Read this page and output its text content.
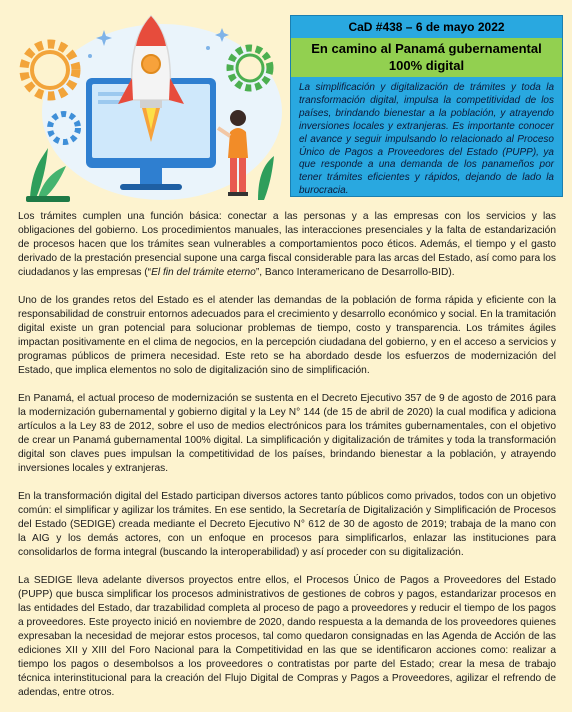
CaD #438 – 6 de mayo 2022
En camino al Panamá gubernamental 100% digital
La simplificación y digitalización de trámites y toda la transformación digital, impulsa la competitividad de los países, brindando bienestar a la población, y atrayendo inversiones locales y extranjeras. Es importante conocer el avance y seguir impulsando lo relacionado al Proceso Único de Pagos a Proveedores del Estado (PUPP), ya que responde a una demanda de los panameños por tener trámites eficientes y rápidos, dejando de lado la burocracia.

Los trámites cumplen una función básica: conectar a las personas y a las empresas con los servicios y las obligaciones del gobierno. Los procedimientos manuales, las interacciones presenciales y la falta de estandarización de procesos hacen que los trámites sean vulnerables a comportamientos poco éticos. Además, el tiempo y el gasto derivado de la prestación presencial supone una carga fiscal considerable para las arcas del Estado, así como para los ciudadanos y las empresas (“El fin del trámite eterno”, Banco Interamericano de Desarrollo-BID).

Uno de los grandes retos del Estado es el atender las demandas de la población de forma rápida y eficiente con la responsabilidad de construir entornos adecuados para el crecimiento y desarrollo económico y social. En la tramitación digital existe un gran potencial para solucionar problemas de tiempo, costo y transparencia. Los trámites ágiles impactan positivamente en el clima de negocios, en la percepción ciudadana del gobierno, y en el acceso a servicios y programas públicos de primera necesidad. Este reto se ha abordado desde los esfuerzos de modernización del Estado, que implica elementos no solo de digitalización sino de simplificación.

En Panamá, el actual proceso de modernización se sustenta en el Decreto Ejecutivo 357 de 9 de agosto de 2016 para la modernización gubernamental y gobierno digital y la Ley N° 144 (de 15 de abril de 2020) la cual modifica y adiciona artículos a la Ley 83 de 2012, sobre el uso de medios electrónicos para los trámites gubernamentales, con el objetivo de crear un Panamá gubernamental 100% digital. La simplificación y digitalización de trámites y toda la transformación digital son claves pues impulsan la competitividad de los países, brindando bienestar a la población, y atrayendo inversiones locales y extranjeras.

En la transformación digital del Estado participan diversos actores tanto públicos como privados, todos con un objetivo común: el simplificar y agilizar los trámites. En ese sentido, la Secretaría de Digitalización y Simplificación de Procesos del Estado (SEDIGE) creada mediante el Decreto Ejecutivo N° 612 de 30 de agosto de 2019; trabaja de la mano con la AIG y los demás actores, con un enfoque en procesos para simplificarlos, enlazar las instituciones para consolidarlos de forma integral (buscando la interoperabilidad) y así proceder con su digitalización.

La SEDIGE lleva adelante diversos proyectos entre ellos, el Procesos Único de Pagos a Proveedores del Estado (PUPP) que busca simplificar los procesos administrativos de gestiones de cobros y pagos, estandarizar procesos en las entidades del Estado, dar trazabilidad completa al proceso de pago a proveedores y reducir el tiempo de los pagos a proveedores. Este proyecto inició en noviembre de 2020, dando respuesta a la demanda de los proveedores quienes expresaban la necesidad de mejorar estos procesos, tal como quedaron consignadas en las Agenda de Acción de las ediciones XII y XIII del Foro Nacional para la Competitividad en las que se identificaron acciones como: realizar a tiempo los pagos o desembolsos a los proveedores o contratistas por parte del Estado; crear la mesa de trabajo técnica interinstitucional para la creación del Flujo Digital de Compras y Pagos a Proveedores, agilizar el refrendo de adendas, entre otros.
